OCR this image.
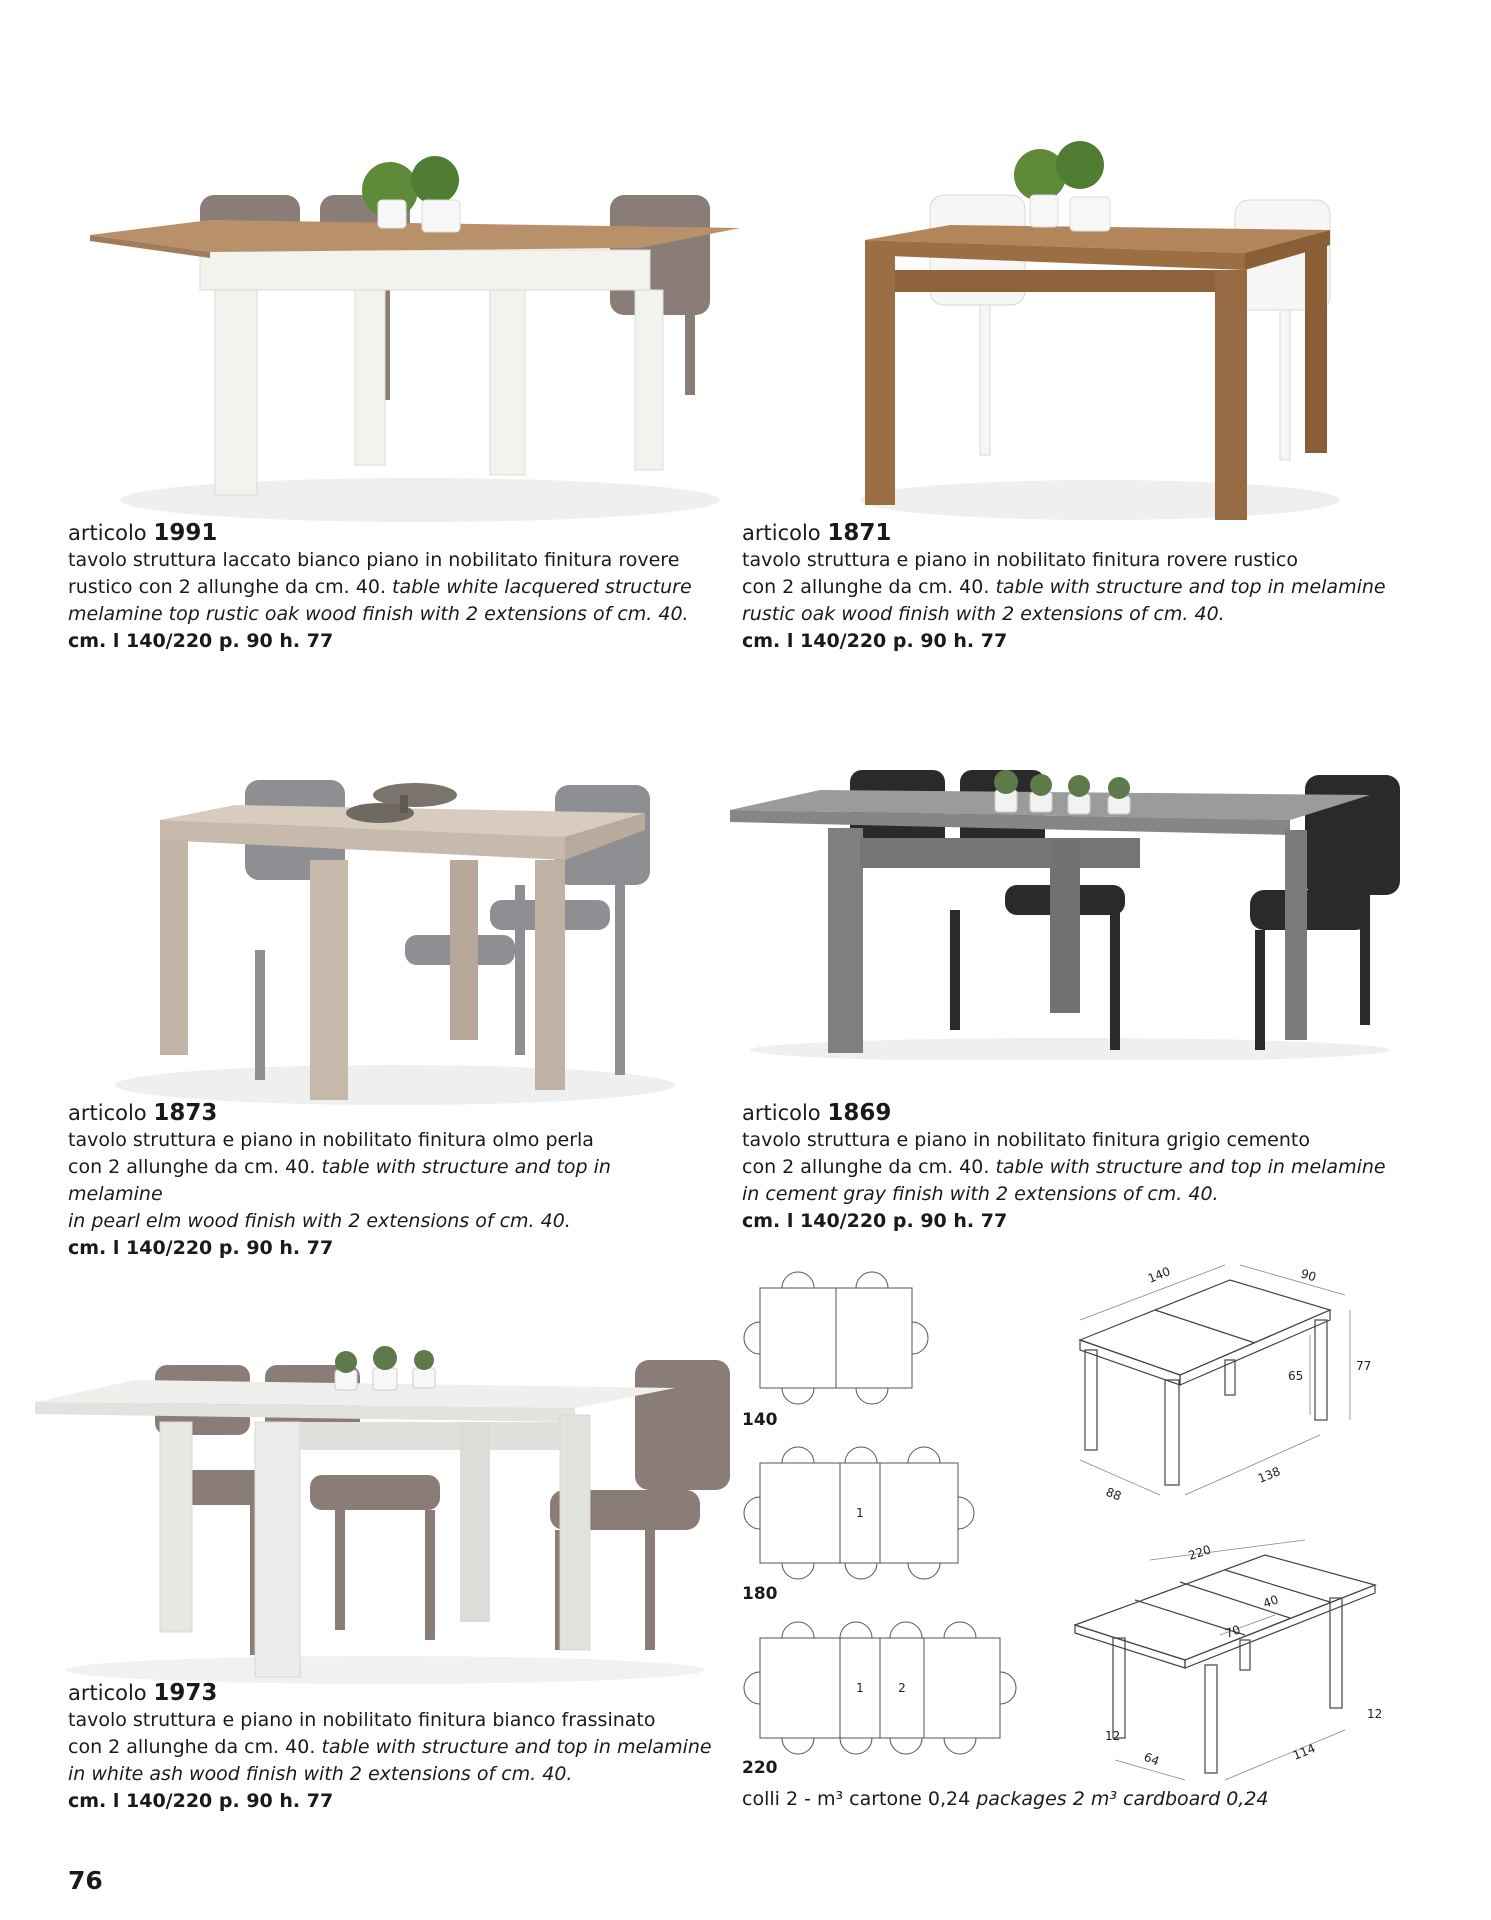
articolo 1991
tavolo struttura laccato bianco piano in nobilitato finitura rovere
rustico con 2 allunghe da cm. 40. table white lacquered structure
melamine top rustic oak wood finish with 2 extensions of cm. 40.
cm. l 140/220 p. 90 h. 77
articolo 1871
tavolo struttura e piano in nobilitato finitura rovere rustico
con 2 allunghe da cm. 40. table with structure and top in melamine
rustic oak wood finish with 2 extensions of cm. 40.
cm. l 140/220 p. 90 h. 77
articolo 1873
tavolo struttura e piano in nobilitato finitura olmo perla
con 2 allunghe da cm. 40. table with structure and top in melamine
in pearl elm wood finish with 2 extensions of cm. 40.
cm. l 140/220 p. 90 h. 77
articolo 1869
tavolo struttura e piano in nobilitato finitura grigio cemento
con 2 allunghe da cm. 40. table with structure and top in melamine
in cement gray finish with 2 extensions of cm. 40.
cm. l 140/220 p. 90 h. 77
articolo 1973
tavolo struttura e piano in nobilitato finitura bianco frassinato
con 2 allunghe da cm. 40. table with structure and top in melamine
in white ash wood finish with 2 extensions of cm. 40.
cm. l 140/220 p. 90 h. 77
140
1
180
1	2
220
140	90
77
65
138
88
220
70
40
12
12
64	114
colli 2 - m³ cartone 0,24 packages 2 m³ cardboard 0,24
76
